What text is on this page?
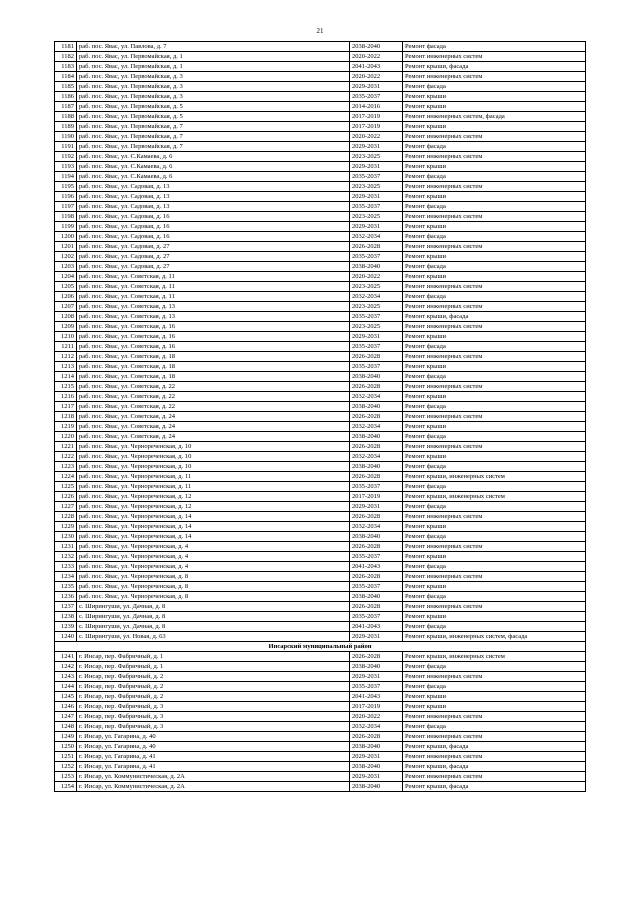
21
1181	раб. пос. Явас, ул. Павлова, д. 7	2038-2040	Ремонт фасада
1182	раб. пос. Явас, ул. Первомайская, д. 1	2020-2022	Ремонт инженерных систем
1183	раб. пос. Явас, ул. Первомайская, д. 1	2041-2043	Ремонт крыши, фасада
1184	раб. пос. Явас, ул. Первомайская, д. 3	2020-2022	Ремонт инженерных систем
1185	раб. пос. Явас, ул. Первомайская, д. 3	2029-2031	Ремонт фасада
1186	раб. пос. Явас, ул. Первомайская, д. 3	2035-2037	Ремонт крыши
1187	раб. пос. Явас, ул. Первомайская, д. 5	2014-2016	Ремонт крыши
1188	раб. пос. Явас, ул. Первомайская, д. 5	2017-2019	Ремонт инженерных систем, фасада
1189	раб. пос. Явас, ул. Первомайская, д. 7	2017-2019	Ремонт крыши
1190	раб. пос. Явас, ул. Первомайская, д. 7	2020-2022	Ремонт инженерных систем
1191	раб. пос. Явас, ул. Первомайская, д. 7	2029-2031	Ремонт фасада
1192	раб. пос. Явас, ул. С.Камаева, д. 6	2023-2025	Ремонт инженерных систем
1193	раб. пос. Явас, ул. С.Камаева, д. 6	2029-2031	Ремонт крыши
1194	раб. пос. Явас, ул. С.Камаева, д. 6	2035-2037	Ремонт фасада
1195	раб. пос. Явас, ул. Садовая, д. 13	2023-2025	Ремонт инженерных систем
1196	раб. пос. Явас, ул. Садовая, д. 13	2029-2031	Ремонт крыши
1197	раб. пос. Явас, ул. Садовая, д. 13	2035-2037	Ремонт фасада
1198	раб. пос. Явас, ул. Садовая, д. 16	2023-2025	Ремонт инженерных систем
1199	раб. пос. Явас, ул. Садовая, д. 16	2029-2031	Ремонт крыши
1200	раб. пос. Явас, ул. Садовая, д. 16	2032-2034	Ремонт фасада
1201	раб. пос. Явас, ул. Садовая, д. 27	2026-2028	Ремонт инженерных систем
1202	раб. пос. Явас, ул. Садовая, д. 27	2035-2037	Ремонт крыши
1203	раб. пос. Явас, ул. Садовая, д. 27	2038-2040	Ремонт фасада
1204	раб. пос. Явас, ул. Советская, д. 11	2020-2022	Ремонт крыши
1205	раб. пос. Явас, ул. Советская, д. 11	2023-2025	Ремонт инженерных систем
1206	раб. пос. Явас, ул. Советская, д. 11	2032-2034	Ремонт фасада
1207	раб. пос. Явас, ул. Советская, д. 13	2023-2025	Ремонт инженерных систем
1208	раб. пос. Явас, ул. Советская, д. 13	2035-2037	Ремонт крыши, фасада
1209	раб. пос. Явас, ул. Советская, д. 16	2023-2025	Ремонт инженерных систем
1210	раб. пос. Явас, ул. Советская, д. 16	2029-2031	Ремонт крыши
1211	раб. пос. Явас, ул. Советская, д. 16	2035-2037	Ремонт фасада
1212	раб. пос. Явас, ул. Советская, д. 18	2026-2028	Ремонт инженерных систем
1213	раб. пос. Явас, ул. Советская, д. 18	2035-2037	Ремонт крыши
1214	раб. пос. Явас, ул. Советская, д. 18	2038-2040	Ремонт фасада
1215	раб. пос. Явас, ул. Советская, д. 22	2026-2028	Ремонт инженерных систем
1216	раб. пос. Явас, ул. Советская, д. 22	2032-2034	Ремонт крыши
1217	раб. пос. Явас, ул. Советская, д. 22	2038-2040	Ремонт фасада
1218	раб. пос. Явас, ул. Советская, д. 24	2026-2028	Ремонт инженерных систем
1219	раб. пос. Явас, ул. Советская, д. 24	2032-2034	Ремонт крыши
1220	раб. пос. Явас, ул. Советская, д. 24	2038-2040	Ремонт фасада
1221	раб. пос. Явас, ул. Чернореченская, д. 10	2026-2028	Ремонт инженерных систем
1222	раб. пос. Явас, ул. Чернореченская, д. 10	2032-2034	Ремонт крыши
1223	раб. пос. Явас, ул. Чернореченская, д. 10	2038-2040	Ремонт фасада
1224	раб. пос. Явас, ул. Чернореченская, д. 11	2026-2028	Ремонт крыши, инженерных систем
1225	раб. пос. Явас, ул. Чернореченская, д. 11	2035-2037	Ремонт фасада
1226	раб. пос. Явас, ул. Чернореченская, д. 12	2017-2019	Ремонт крыши, инженерных систем
1227	раб. пос. Явас, ул. Чернореченская, д. 12	2029-2031	Ремонт фасада
1228	раб. пос. Явас, ул. Чернореченская, д. 14	2026-2028	Ремонт инженерных систем
1229	раб. пос. Явас, ул. Чернореченская, д. 14	2032-2034	Ремонт крыши
1230	раб. пос. Явас, ул. Чернореченская, д. 14	2038-2040	Ремонт фасада
1231	раб. пос. Явас, ул. Чернореченская, д. 4	2026-2028	Ремонт инженерных систем
1232	раб. пос. Явас, ул. Чернореченская, д. 4	2035-2037	Ремонт крыши
1233	раб. пос. Явас, ул. Чернореченская, д. 4	2041-2043	Ремонт фасада
1234	раб. пос. Явас, ул. Чернореченская, д. 8	2026-2028	Ремонт инженерных систем
1235	раб. пос. Явас, ул. Чернореченская, д. 8	2035-2037	Ремонт крыши
1236	раб. пос. Явас, ул. Чернореченская, д. 8	2038-2040	Ремонт фасада
1237	с. Ширингуши, ул. Дачная, д. 8	2026-2028	Ремонт инженерных систем
1238	с. Ширингуши, ул. Дачная, д. 8	2035-2037	Ремонт крыши
1239	с. Ширингуши, ул. Дачная, д. 8	2041-2043	Ремонт фасада
1240	с. Ширингуши, ул. Новая, д. 63	2029-2031	Ремонт крыши, инженерных систем, фасада
Инсарский муниципальный район			
1241	г. Инсар, пер. Фабричный, д. 1	2026-2028	Ремонт крыши, инженерных систем
1242	г. Инсар, пер. Фабричный, д. 1	2038-2040	Ремонт фасада
1243	г. Инсар, пер. Фабричный, д. 2	2029-2031	Ремонт инженерных систем
1244	г. Инсар, пер. Фабричный, д. 2	2035-2037	Ремонт фасада
1245	г. Инсар, пер. Фабричный, д. 2	2041-2043	Ремонт крыши
1246	г. Инсар, пер. Фабричный, д. 3	2017-2019	Ремонт крыши
1247	г. Инсар, пер. Фабричный, д. 3	2020-2022	Ремонт инженерных систем
1248	г. Инсар, пер. Фабричный, д. 3	2032-2034	Ремонт фасада
1249	г. Инсар, ул. Гагарина, д. 40	2026-2028	Ремонт инженерных систем
1250	г. Инсар, ул. Гагарина, д. 40	2038-2040	Ремонт крыши, фасада
1251	г. Инсар, ул. Гагарина, д. 41	2029-2031	Ремонт инженерных систем
1252	г. Инсар, ул. Гагарина, д. 41	2038-2040	Ремонт крыши, фасада
1253	г. Инсар, ул. Коммунистическая, д. 2А	2029-2031	Ремонт инженерных систем
1254	г. Инсар, ул. Коммунистическая, д. 2А	2038-2040	Ремонт крыши, фасада
